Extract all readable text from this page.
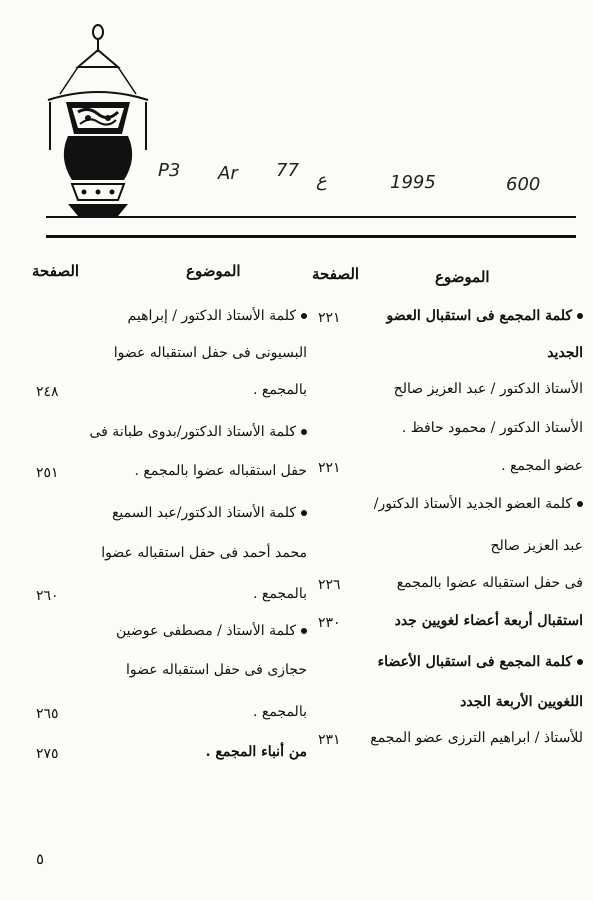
P3 Ar 77 ع	1995	600
الموضوع
الصفحة
الموضوع
الصفحة
كلمة المجمع فى استقبال العضو
٢٢١
الجديد
الأستاذ الدكتور / عبد العزيز صالح
الأستاذ الدكتور / محمود حافظ .
عضو المجمع .
٢٢١
كلمة العضو الجديد الأستاذ الدكتور/
عبد العزيز صالح
فى حفل استقباله عضوا بالمجمع
٢٢٦
استقبال أربعة أعضاء لغويين جدد
٢٣٠
كلمة المجمع فى استقبال الأعضاء
اللغويين الأربعة الجدد
للأستاذ / ابراهيم الترزى عضو المجمع
٢٣١
كلمة الأستاذ الدكتور / إبراهيم
البسيونى فى حفل استقباله عضوا
بالمجمع .
٢٤٨
كلمة الأستاذ الدكتور/بدوى طبانة فى
حفل استقباله عضوا بالمجمع .
٢٥١
كلمة الأستاذ الدكتور/عبد السميع
محمد أحمد فى حفل استقباله عضوا
بالمجمع .
٢٦٠
كلمة الأستاذ / مصطفى عوضين
حجازى فى حفل استقباله عضوا
بالمجمع .
٢٦٥
من أنباء المجمع .
٢٧٥
٥
